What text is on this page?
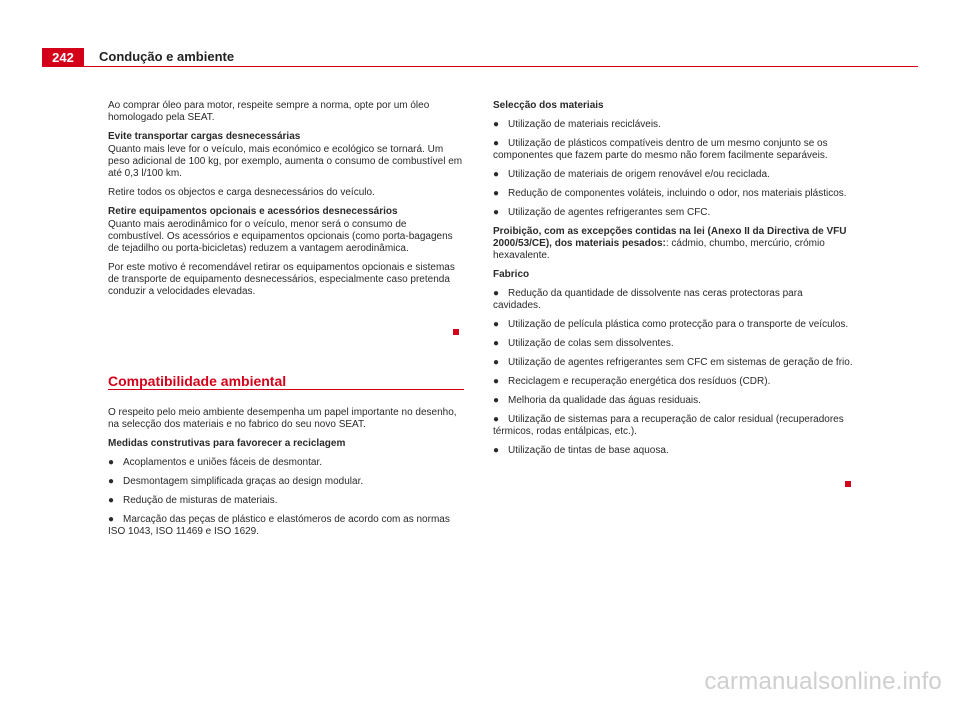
242	Condução e ambiente

Ao comprar óleo para motor, respeite sempre a norma, opte por um óleo homologado pela SEAT.

Evite transportar cargas desnecessárias

Quanto mais leve for o veículo, mais económico e ecológico se tornará. Um peso adicional de 100 kg, por exemplo, aumenta o consumo de combustível em até 0,3 l/100 km.

Retire todos os objectos e carga desnecessários do veículo.

Retire equipamentos opcionais e acessórios desnecessários

Quanto mais aerodinâmico for o veículo, menor será o consumo de combustível. Os acessórios e equipamentos opcionais (como porta-bagagens de tejadilho ou porta-bicicletas) reduzem a vantagem aerodinâmica.

Por este motivo é recomendável retirar os equipamentos opcionais e sistemas de transporte de equipamento desnecessários, especialmente caso pretenda conduzir a velocidades elevadas.

Compatibilidade ambiental

O respeito pelo meio ambiente desempenha um papel importante no desenho, na selecção dos materiais e no fabrico do seu novo SEAT.

Medidas construtivas para favorecer a reciclagem
● Acoplamentos e uniões fáceis de desmontar.
● Desmontagem simplificada graças ao design modular.
● Redução de misturas de materiais.
● Marcação das peças de plástico e elastómeros de acordo com as normas ISO 1043, ISO 11469 e ISO 1629.
Selecção dos materiais
● Utilização de materiais recicláveis.
● Utilização de plásticos compatíveis dentro de um mesmo conjunto se os componentes que fazem parte do mesmo não forem facilmente separáveis.
● Utilização de materiais de origem renovável e/ou reciclada.
● Redução de componentes voláteis, incluindo o odor, nos materiais plásticos.
● Utilização de agentes refrigerantes sem CFC.

Proibição, com as excepções contidas na lei (Anexo II da Directiva de VFU 2000/53/CE), dos materiais pesados:: cádmio, chumbo, mercúrio, crómio hexavalente.

Fabrico
● Redução da quantidade de dissolvente nas ceras protectoras para cavidades.
● Utilização de película plástica como protecção para o transporte de veículos.
● Utilização de colas sem dissolventes.
● Utilização de agentes refrigerantes sem CFC em sistemas de geração de frio.
● Reciclagem e recuperação energética dos resíduos (CDR).
● Melhoria da qualidade das águas residuais.
● Utilização de sistemas para a recuperação de calor residual (recuperadores térmicos, rodas entálpicas, etc.).
● Utilização de tintas de base aquosa.
carmanualsonline.info
